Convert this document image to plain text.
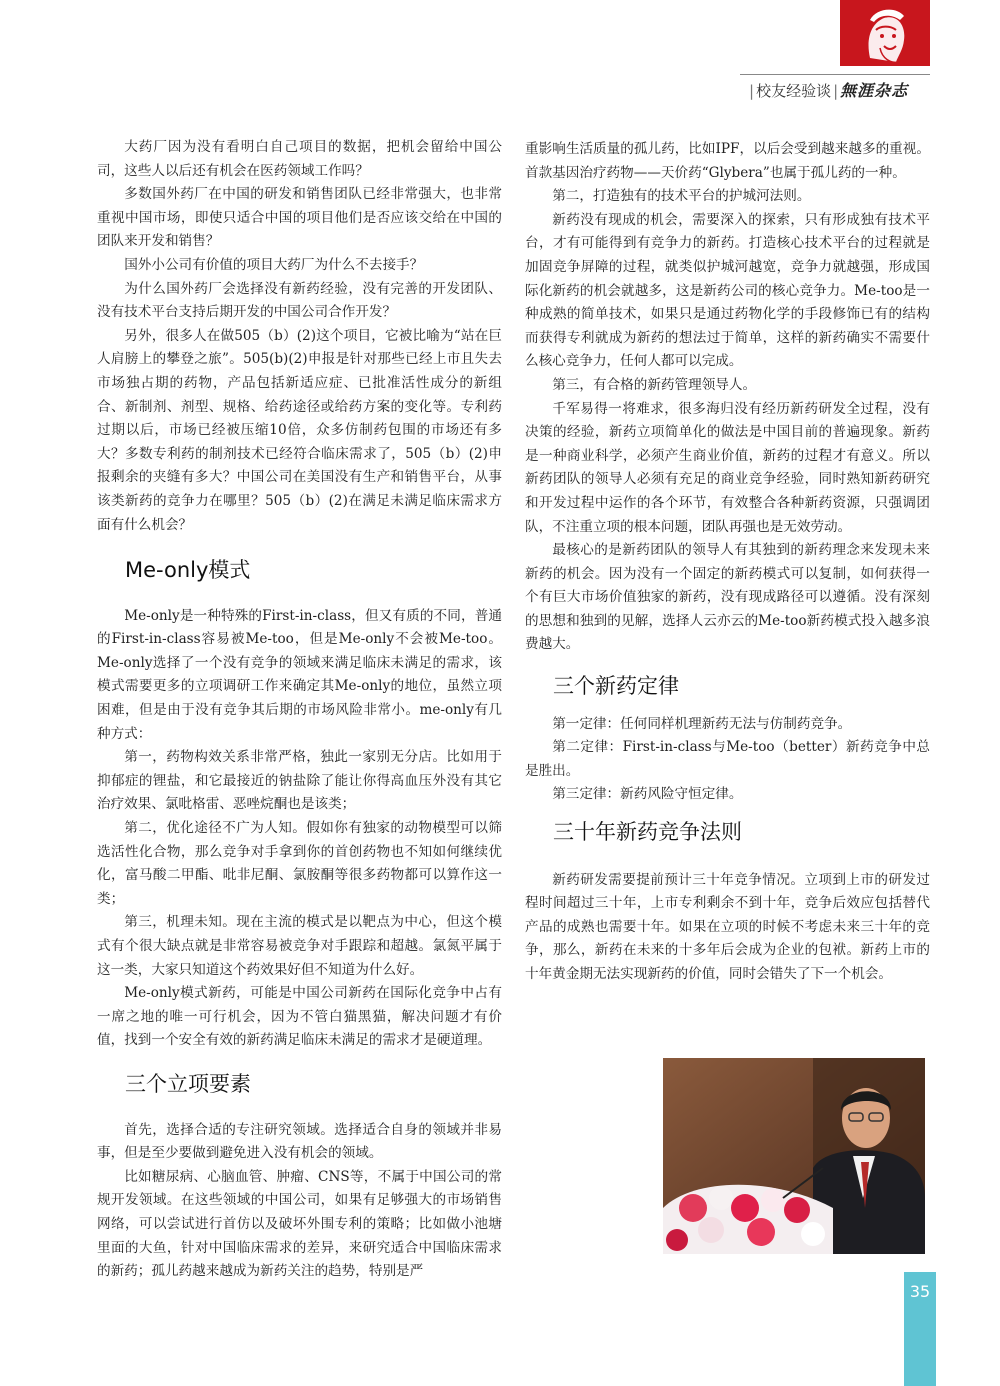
| 校友经验谈 | 無涯杂志

大药厂因为没有看明白自己项目的数据，把机会留给中国公司，这些人以后还有机会在医药领域工作吗？

多数国外药厂在中国的研发和销售团队已经非常强大，也非常重视中国市场，即使只适合中国的项目他们是否应该交给在中国的团队来开发和销售？

国外小公司有价值的项目大药厂为什么不去接手？

为什么国外药厂会选择没有新药经验，没有完善的开发团队、没有技术平台支持后期开发的中国公司合作开发？

另外，很多人在做505（b）(2)这个项目，它被比喻为“站在巨人肩膀上的攀登之旅”。505(b)(2)申报是针对那些已经上市且失去市场独占期的药物，产品包括新适应症、已批准活性成分的新组合、新制剂、剂型、规格、给药途径或给药方案的变化等。专利药过期以后，市场已经被压缩10倍，众多仿制药包围的市场还有多大？多数专利药的制剂技术已经符合临床需求了，505（b）(2)申报剩余的夹缝有多大？中国公司在美国没有生产和销售平台，从事该类新药的竞争力在哪里？505（b）(2)在满足未满足临床需求方面有什么机会？

Me-only模式

Me-only是一种特殊的First-in-class，但又有质的不同，普通的First-in-class容易被Me-too，但是Me-only不会被Me-too。Me-only选择了一个没有竞争的领域来满足临床未满足的需求，该模式需要更多的立项调研工作来确定其Me-only的地位，虽然立项困难，但是由于没有竞争其后期的市场风险非常小。me-only有几种方式：

第一，药物构效关系非常严格，独此一家别无分店。比如用于抑郁症的锂盐，和它最接近的钠盐除了能让你得高血压外没有其它治疗效果、氯吡格雷、恶唑烷酮也是该类；

第二，优化途径不广为人知。假如你有独家的动物模型可以筛选活性化合物，那么竞争对手拿到你的首创药物也不知如何继续优化，富马酸二甲酯、吡非尼酮、氯胺酮等很多药物都可以算作这一类；

第三，机理未知。现在主流的模式是以靶点为中心，但这个模式有个很大缺点就是非常容易被竞争对手跟踪和超越。氯氮平属于这一类，大家只知道这个药效果好但不知道为什么好。

Me-only模式新药，可能是中国公司新药在国际化竞争中占有一席之地的唯一可行机会，因为不管白猫黑猫，解决问题才有价值，找到一个安全有效的新药满足临床未满足的需求才是硬道理。

三个立项要素

首先，选择合适的专注研究领域。选择适合自身的领域并非易事，但是至少要做到避免进入没有机会的领域。

比如糖尿病、心脑血管、肿瘤、CNS等，不属于中国公司的常规开发领域。在这些领域的中国公司，如果有足够强大的市场销售网络，可以尝试进行首仿以及破坏外围专利的策略；比如做小池塘里面的大鱼，针对中国临床需求的差异，来研究适合中国临床需求的新药；孤儿药越来越成为新药关注的趋势，特别是严

重影响生活质量的孤儿药，比如IPF，以后会受到越来越多的重视。首款基因治疗药物——天价药“Glybera”也属于孤儿药的一种。

第二，打造独有的技术平台的护城河法则。

新药没有现成的机会，需要深入的探索，只有形成独有技术平台，才有可能得到有竞争力的新药。打造核心技术平台的过程就是加固竞争屏障的过程，就类似护城河越宽，竞争力就越强，形成国际化新药的机会就越多，这是新药公司的核心竞争力。Me-too是一种成熟的简单技术，如果只是通过药物化学的手段修饰已有的结构而获得专利就成为新药的想法过于简单，这样的新药确实不需要什么核心竞争力，任何人都可以完成。

第三，有合格的新药管理领导人。

千军易得一将难求，很多海归没有经历新药研发全过程，没有决策的经验，新药立项简单化的做法是中国目前的普遍现象。新药是一种商业科学，必须产生商业价值，新药的过程才有意义。所以新药团队的领导人必须有充足的商业竞争经验，同时熟知新药研究和开发过程中运作的各个环节，有效整合各种新药资源，只强调团队，不注重立项的根本问题，团队再强也是无效劳动。

最核心的是新药团队的领导人有其独到的新药理念来发现未来新药的机会。因为没有一个固定的新药模式可以复制，如何获得一个有巨大市场价值独家的新药，没有现成路径可以遵循。没有深刻的思想和独到的见解，选择人云亦云的Me-too新药模式投入越多浪费越大。

三个新药定律

第一定律：任何同样机理新药无法与仿制药竞争。

第二定律：First-in-class与Me-too（better）新药竞争中总是胜出。

第三定律：新药风险守恒定律。

三十年新药竞争法则

新药研发需要提前预计三十年竞争情况。立项到上市的研发过程时间超过三十年，上市专利剩余不到十年，竞争后效应包括替代产品的成熟也需要十年。如果在立项的时候不考虑未来三十年的竞争，那么，新药在未来的十多年后会成为企业的包袱。新药上市的十年黄金期无法实现新药的价值，同时会错失了下一个机会。

35
